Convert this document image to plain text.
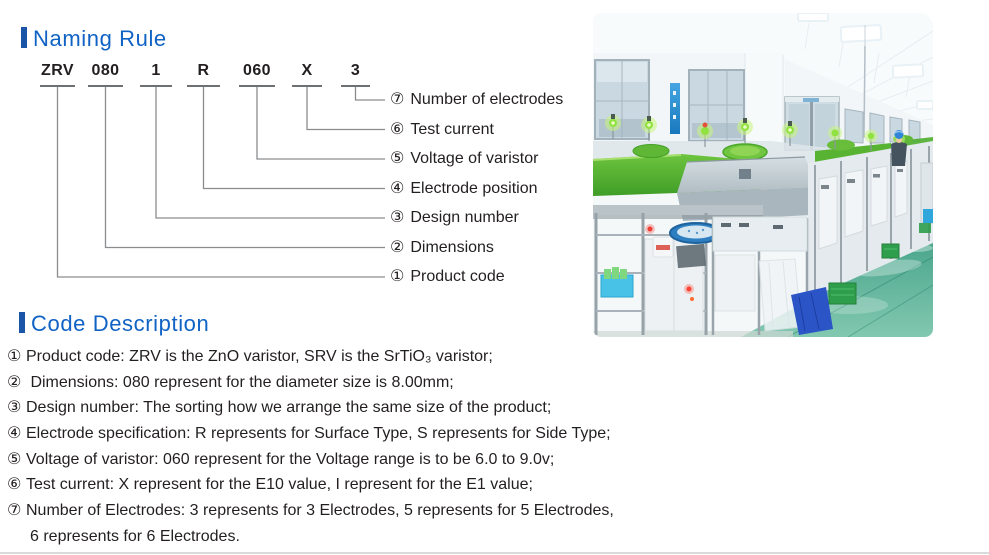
Naming Rule
ZRV 080 1 R 060 X 3
⑦ Number of electrodes
⑥ Test current
⑤ Voltage of varistor
④ Electrode position
③ Design number
② Dimensions
① Product code
Code Description
① Product code: ZRV is the ZnO varistor, SRV is the SrTiO₃ varistor;
② Dimensions: 080 represent for the diameter size is 8.00mm;
③ Design number: The sorting how we arrange the same size of the product;
④ Electrode specification: R represents for Surface Type, S represents for Side Type;
⑤ Voltage of varistor: 060 represent for the Voltage range is to be 6.0 to 9.0v;
⑥ Test current: X represent for the E10 value, I represent for the E1 value;
⑦ Number of Electrodes: 3 represents for 3 Electrodes, 5 represents for 5 Electrodes,
6 represents for 6 Electrodes.
